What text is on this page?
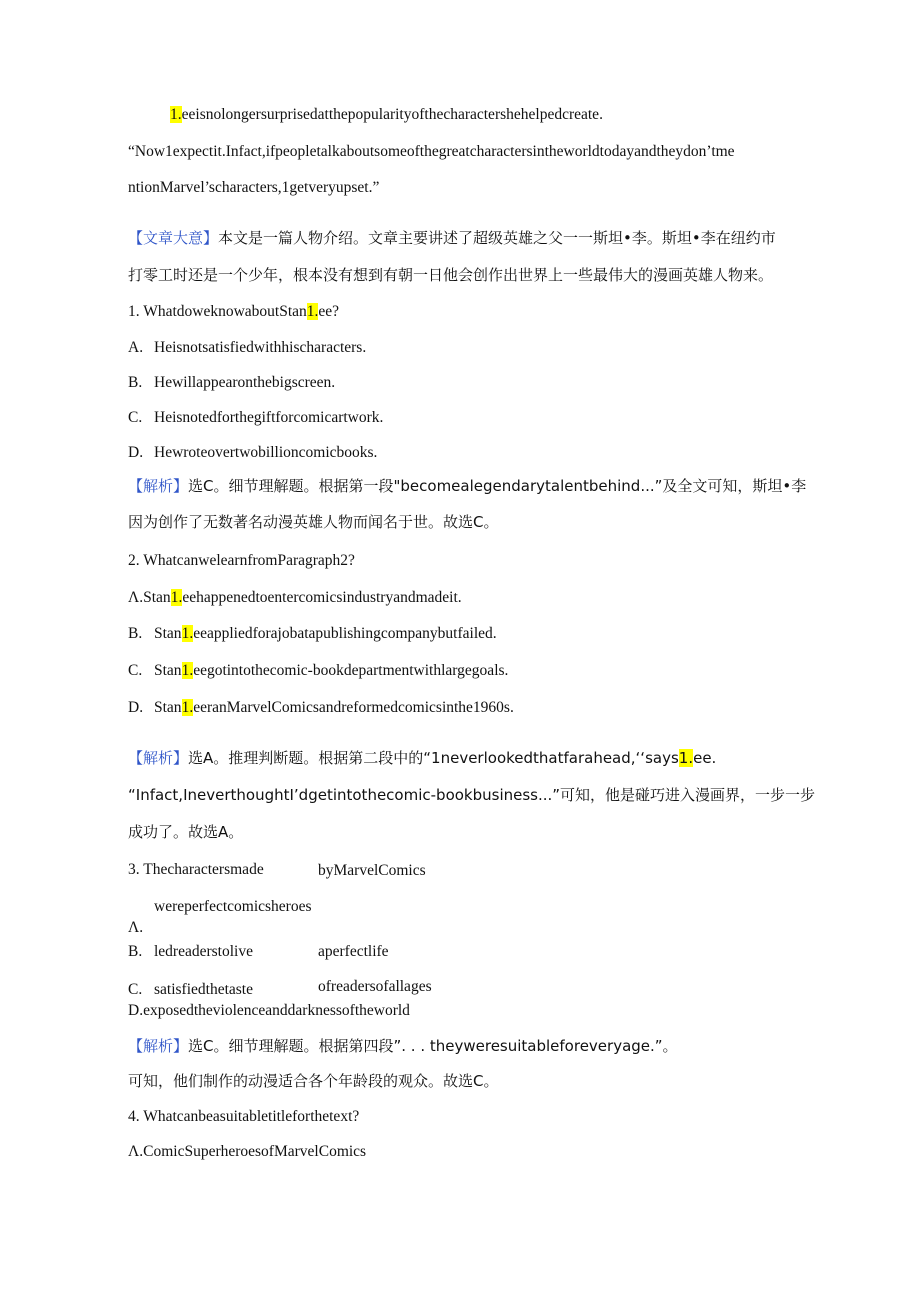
1.eeisnolongersurprisedatthepopularityofthecharactershehelpedcreate.
“Now1expectit.Infact,ifpeopletalkaboutsomeofthegreatcharactersintheworldtodayandtheydon’tme
ntionMarvel’scharacters,1getveryupset.”
【文章大意】本文是一篇人物介绍。文章主要讲述了超级英雄之父一一斯坦•李。斯坦•李在纽约市
打零工时还是一个少年，根本没有想到有朝一日他会创作出世界上一些最伟大的漫画英雄人物来。
1. WhatdoweknowaboutStan1.ee?
A. Heisnotsatisfiedwithhischaracters.
B. Hewillappearonthebigscreen.
C. Heisnotedforthegiftforcomicartwork.
D. Hewroteovertwobillioncomicbooks.
【解析】选C。细节理解题。根据第一段"becomealegendarytalentbehind...”及全文可知，斯坦•李
因为创作了无数著名动漫英雄人物而闻名于世。故选C。
2. WhatcanwelearnfromParagraph2?
Λ.Stan1.eehappenedtoentercomicsindustryandmadeit.
B. Stan1.eeappliedforajobatapublishingcompanybutfailed.
C. Stan1.eegotintothecomic-bookdepartmentwithlargegoals.
D. Stan1.eeranMarvelComicsandreformedcomicsinthe1960s.
【解析】选A。推理判断题。根据第二段中的“1neverlookedthatfarahead,‘‘says1.ee.
“Infact,IneverthoughtI’dgetintothecomic-bookbusiness...”可知，他是碰巧进入漫画界，一步一步
成功了。故选A。
3. Thecharactersmade	byMarvelComics
wereperfectcomicsheroes
Λ.
B. ledreaderstolive	aperfectlife
C. satisfiedthetaste	ofreadersofallages
D.exposedtheviolenceanddarknessoftheworld
【解析】选C。细节理解题。根据第四段”. . . theyweresuitableforeveryage.”。
可知，他们制作的动漫适合各个年龄段的观众。故选C。
4. Whatcanbeasuitabletitleforthetext?
Λ.ComicSuperheroesofMarvelComics
